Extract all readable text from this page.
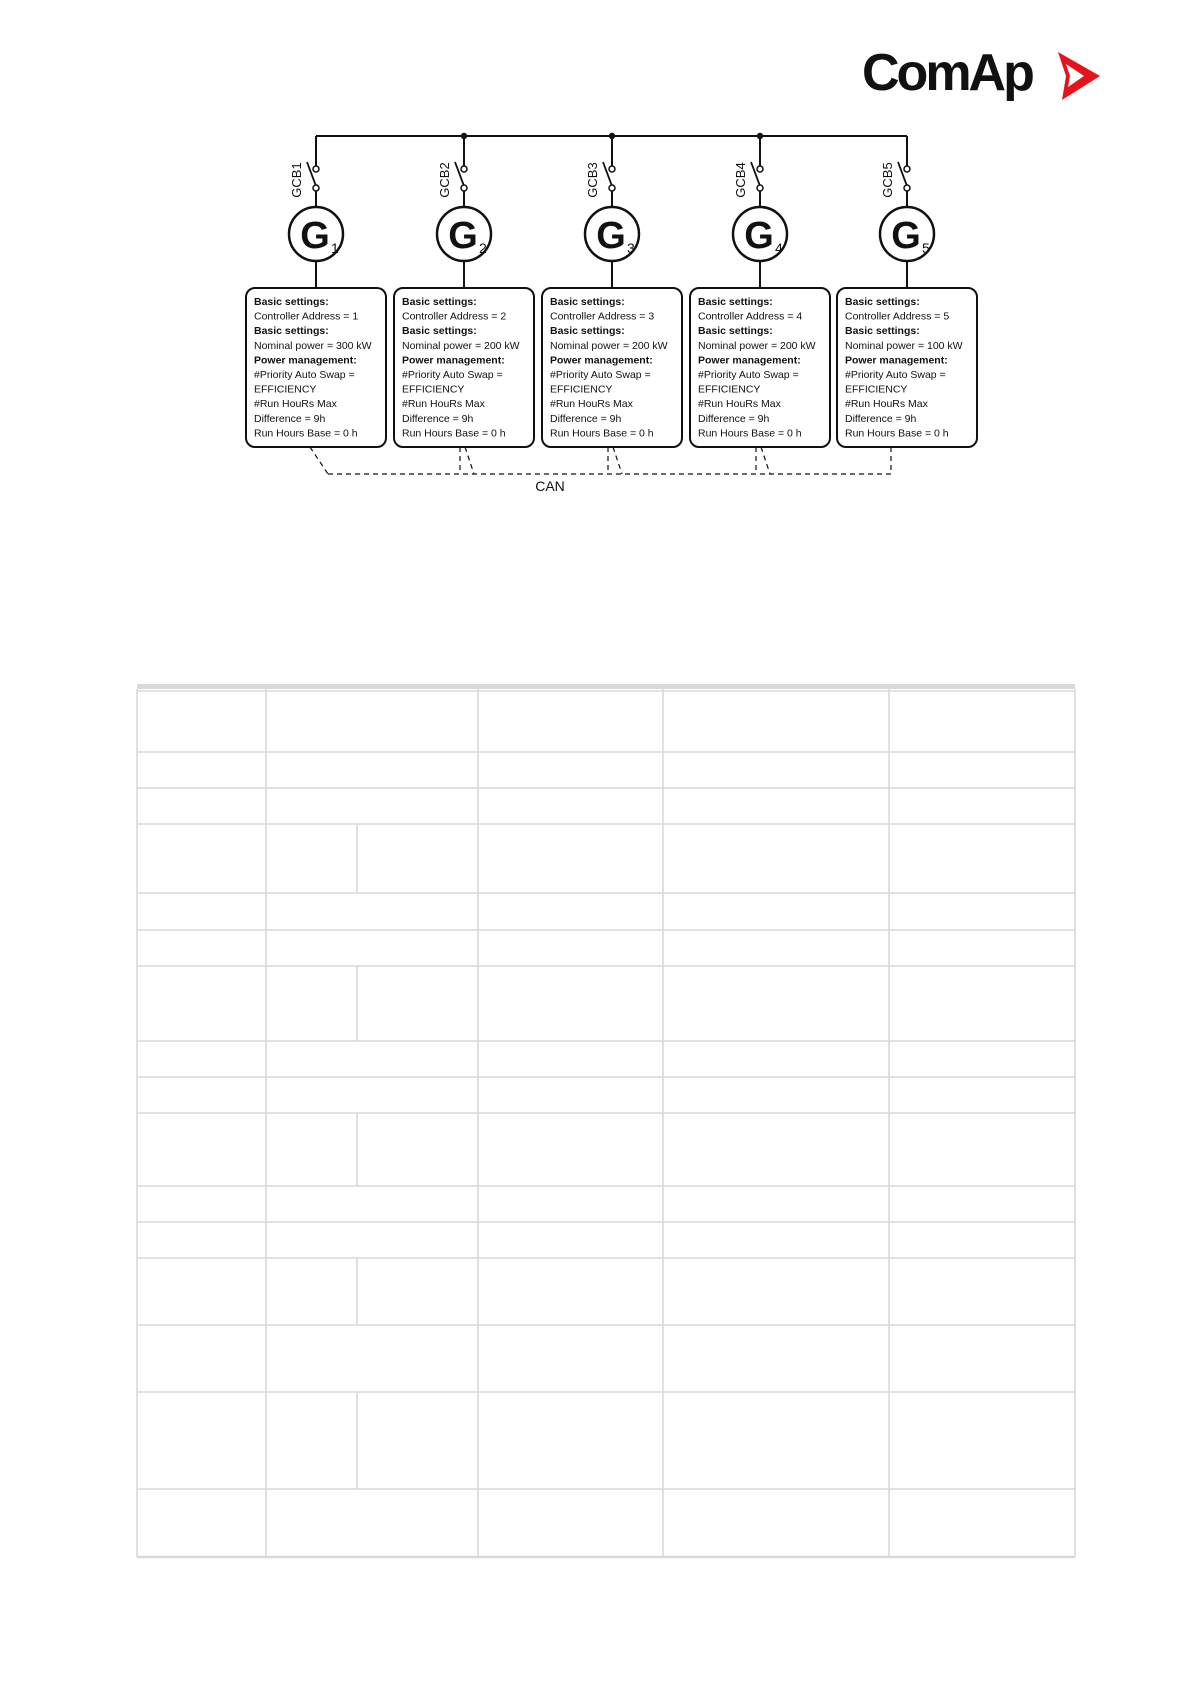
ComAp
GCB1
G 1
Basic settings:
Controller Address = 1
Basic settings:
Nominal power = 300 kW
Power management:
#Priority Auto Swap =
EFFICIENCY
#Run HouRs Max
Difference = 9h
Run Hours Base = 0 h
GCB2
G 2
Basic settings:
Controller Address = 2
Basic settings:
Nominal power = 200 kW
Power management:
#Priority Auto Swap =
EFFICIENCY
#Run HouRs Max
Difference = 9h
Run Hours Base = 0 h
GCB3
G 3
Basic settings:
Controller Address = 3
Basic settings:
Nominal power = 200 kW
Power management:
#Priority Auto Swap =
EFFICIENCY
#Run HouRs Max
Difference = 9h
Run Hours Base = 0 h
GCB4
G 4
Basic settings:
Controller Address = 4
Basic settings:
Nominal power = 200 kW
Power management:
#Priority Auto Swap =
EFFICIENCY
#Run HouRs Max
Difference = 9h
Run Hours Base = 0 h
GCB5
G 5
Basic settings:
Controller Address = 5
Basic settings:
Nominal power = 100 kW
Power management:
#Priority Auto Swap =
EFFICIENCY
#Run HouRs Max
Difference = 9h
Run Hours Base = 0 h
CAN
